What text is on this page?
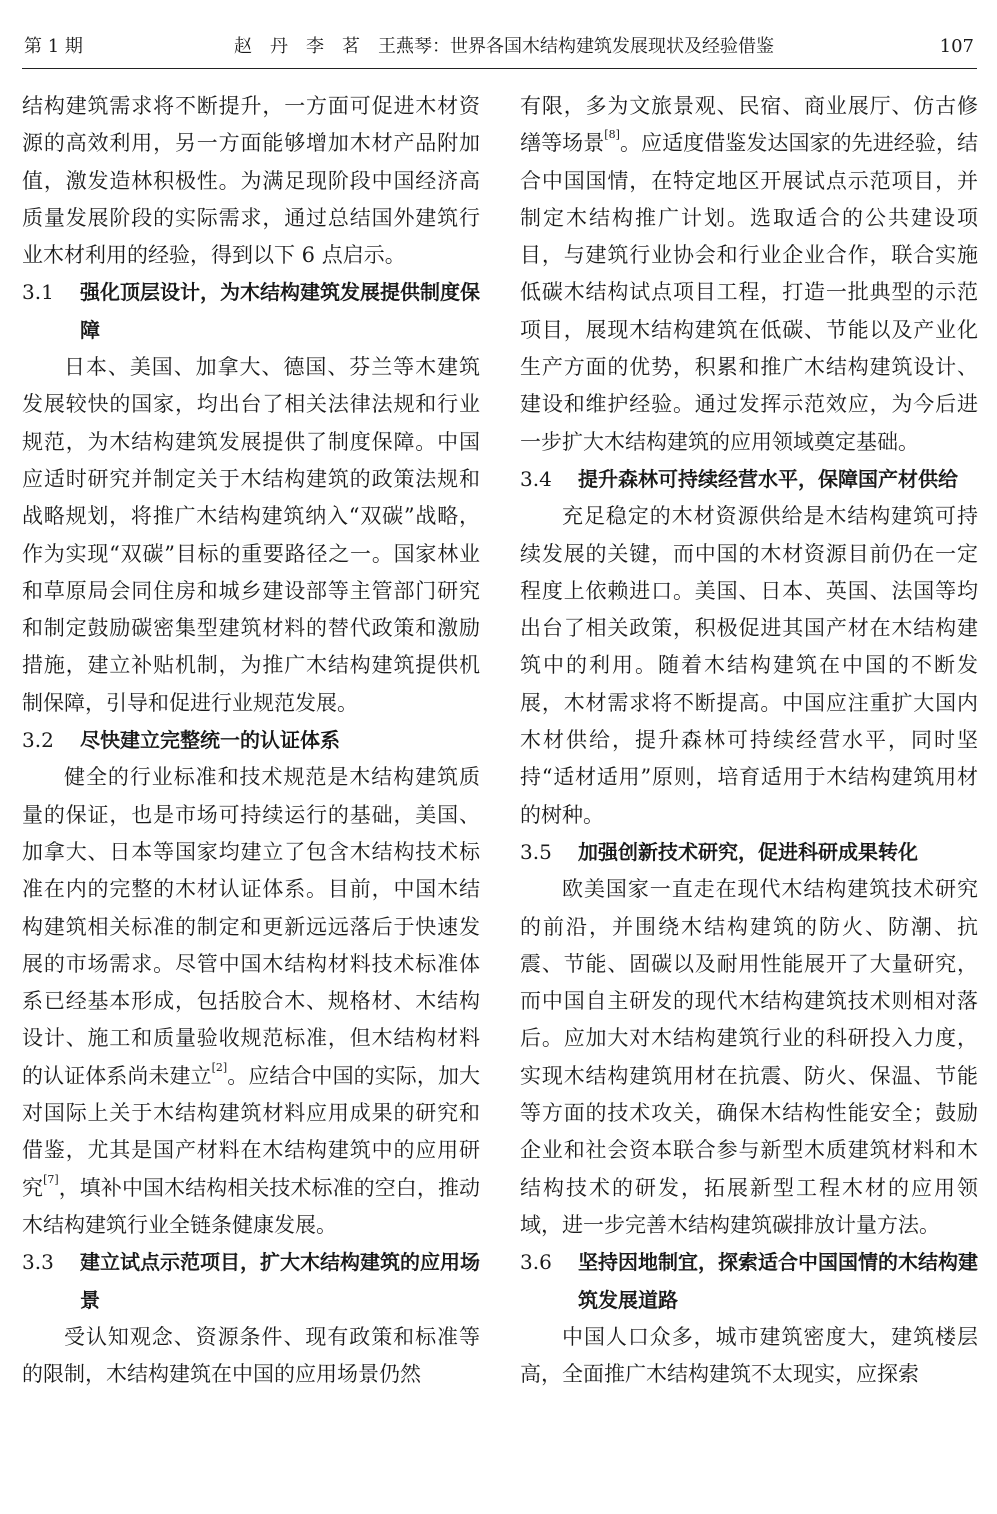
第 1 期	赵　丹　李　茗　王燕琴：世界各国木结构建筑发展现状及经验借鉴	107

结构建筑需求将不断提升，一方面可促进木材资源的高效利用，另一方面能够增加木材产品附加值，激发造林积极性。为满足现阶段中国经济高质量发展阶段的实际需求，通过总结国外建筑行业木材利用的经验，得到以下 6 点启示。

3.1	强化顶层设计，为木结构建筑发展提供制度保障

日本、美国、加拿大、德国、芬兰等木建筑发展较快的国家，均出台了相关法律法规和行业规范，为木结构建筑发展提供了制度保障。中国应适时研究并制定关于木结构建筑的政策法规和战略规划，将推广木结构建筑纳入“双碳”战略，作为实现“双碳”目标的重要路径之一。国家林业和草原局会同住房和城乡建设部等主管部门研究和制定鼓励碳密集型建筑材料的替代政策和激励措施，建立补贴机制，为推广木结构建筑提供机制保障，引导和促进行业规范发展。

3.2	尽快建立完整统一的认证体系

健全的行业标准和技术规范是木结构建筑质量的保证，也是市场可持续运行的基础，美国、加拿大、日本等国家均建立了包含木结构技术标准在内的完整的木材认证体系。目前，中国木结构建筑相关标准的制定和更新远远落后于快速发展的市场需求。尽管中国木结构材料技术标准体系已经基本形成，包括胶合木、规格材、木结构设计、施工和质量验收规范标准，但木结构材料的认证体系尚未建立[2]。应结合中国的实际，加大对国际上关于木结构建筑材料应用成果的研究和借鉴，尤其是国产材料在木结构建筑中的应用研究[7]，填补中国木结构相关技术标准的空白，推动木结构建筑行业全链条健康发展。

3.3	建立试点示范项目，扩大木结构建筑的应用场景

受认知观念、资源条件、现有政策和标准等的限制，木结构建筑在中国的应用场景仍然

有限，多为文旅景观、民宿、商业展厅、仿古修缮等场景[8]。应适度借鉴发达国家的先进经验，结合中国国情，在特定地区开展试点示范项目，并制定木结构推广计划。选取适合的公共建设项目，与建筑行业协会和行业企业合作，联合实施低碳木结构试点项目工程，打造一批典型的示范项目，展现木结构建筑在低碳、节能以及产业化生产方面的优势，积累和推广木结构建筑设计、建设和维护经验。通过发挥示范效应，为今后进一步扩大木结构建筑的应用领域奠定基础。

3.4	提升森林可持续经营水平，保障国产材供给

充足稳定的木材资源供给是木结构建筑可持续发展的关键，而中国的木材资源目前仍在一定程度上依赖进口。美国、日本、英国、法国等均出台了相关政策，积极促进其国产材在木结构建筑中的利用。随着木结构建筑在中国的不断发展，木材需求将不断提高。中国应注重扩大国内木材供给，提升森林可持续经营水平，同时坚持“适材适用”原则，培育适用于木结构建筑用材的树种。

3.5	加强创新技术研究，促进科研成果转化

欧美国家一直走在现代木结构建筑技术研究的前沿，并围绕木结构建筑的防火、防潮、抗震、节能、固碳以及耐用性能展开了大量研究，而中国自主研发的现代木结构建筑技术则相对落后。应加大对木结构建筑行业的科研投入力度，实现木结构建筑用材在抗震、防火、保温、节能等方面的技术攻关，确保木结构性能安全；鼓励企业和社会资本联合参与新型木质建筑材料和木结构技术的研发，拓展新型工程木材的应用领域，进一步完善木结构建筑碳排放计量方法。

3.6	坚持因地制宜，探索适合中国国情的木结构建筑发展道路

中国人口众多，城市建筑密度大，建筑楼层高，全面推广木结构建筑不太现实，应探索
